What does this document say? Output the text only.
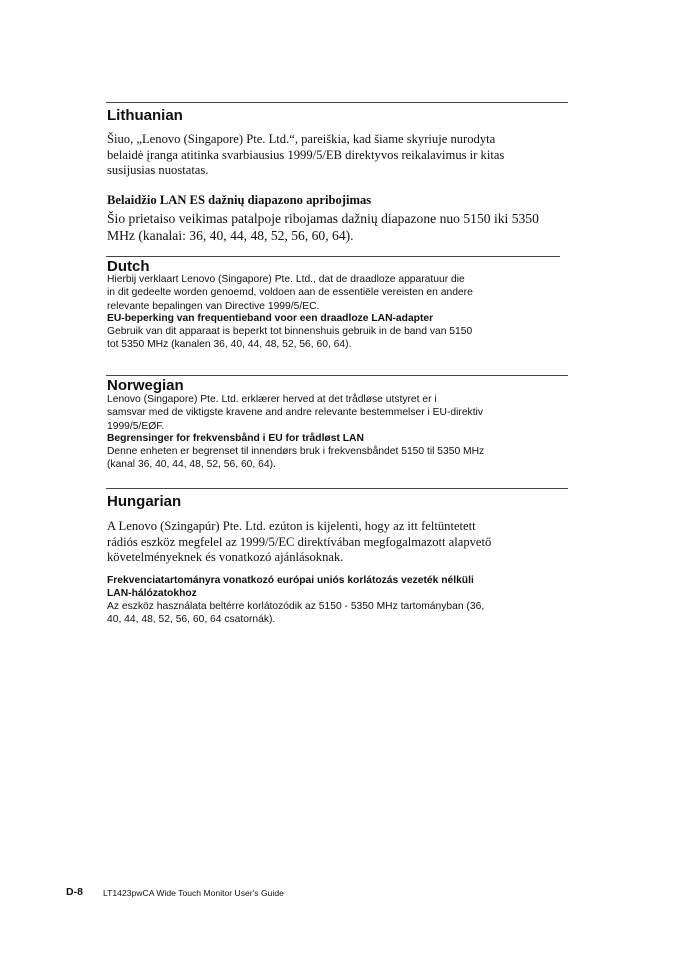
Lithuanian

Šiuo, „Lenovo (Singapore) Pte. Ltd.“, pareiškia, kad šiame skyriuje nurodyta
belaidė įranga atitinka svarbiausius 1999/5/EB direktyvos reikalavimus ir kitas
susijusias nuostatas.

Belaidžio LAN ES dažnių diapazono apribojimas

Šio prietaiso veikimas patalpoje ribojamas dažnių diapazone nuo 5150 iki 5350
MHz (kanalai: 36, 40, 44, 48, 52, 56, 60, 64).

Dutch

Hierbij verklaart Lenovo (Singapore) Pte. Ltd., dat de draadloze apparatuur die
in dit gedeelte worden genoemd, voldoen aan de essentiële vereisten en andere
relevante bepalingen van Directive 1999/5/EC.

EU-beperking van frequentieband voor een draadloze LAN-adapter

Gebruik van dit apparaat is beperkt tot binnenshuis gebruik in de band van 5150
tot 5350 MHz (kanalen 36, 40, 44, 48, 52, 56, 60, 64).

Norwegian

Lenovo (Singapore) Pte. Ltd. erklærer herved at det trådløse utstyret er i
samsvar med de viktigste kravene and andre relevante bestemmelser i EU-direktiv
1999/5/EØF.

Begrensinger for frekvensbånd i EU for trådløst LAN

Denne enheten er begrenset til innendørs bruk i frekvensbåndet 5150 til 5350 MHz
(kanal 36, 40, 44, 48, 52, 56, 60, 64).

Hungarian

A Lenovo (Szingapúr) Pte. Ltd. ezúton is kijelenti, hogy az itt feltüntetett
rádiós eszköz megfelel az 1999/5/EC direktívában megfogalmazott alapvető
követelményeknek és vonatkozó ajánlásoknak.

Frekvenciatartományra vonatkozó európai uniós korlátozás vezeték nélküli
LAN-hálózatokhoz

Az eszköz használata beltérre korlátozódik az 5150 - 5350 MHz tartományban (36,
40, 44, 48, 52, 56, 60, 64 csatornák).

D-8 LT1423pwCA Wide Touch Monitor User's Guide
